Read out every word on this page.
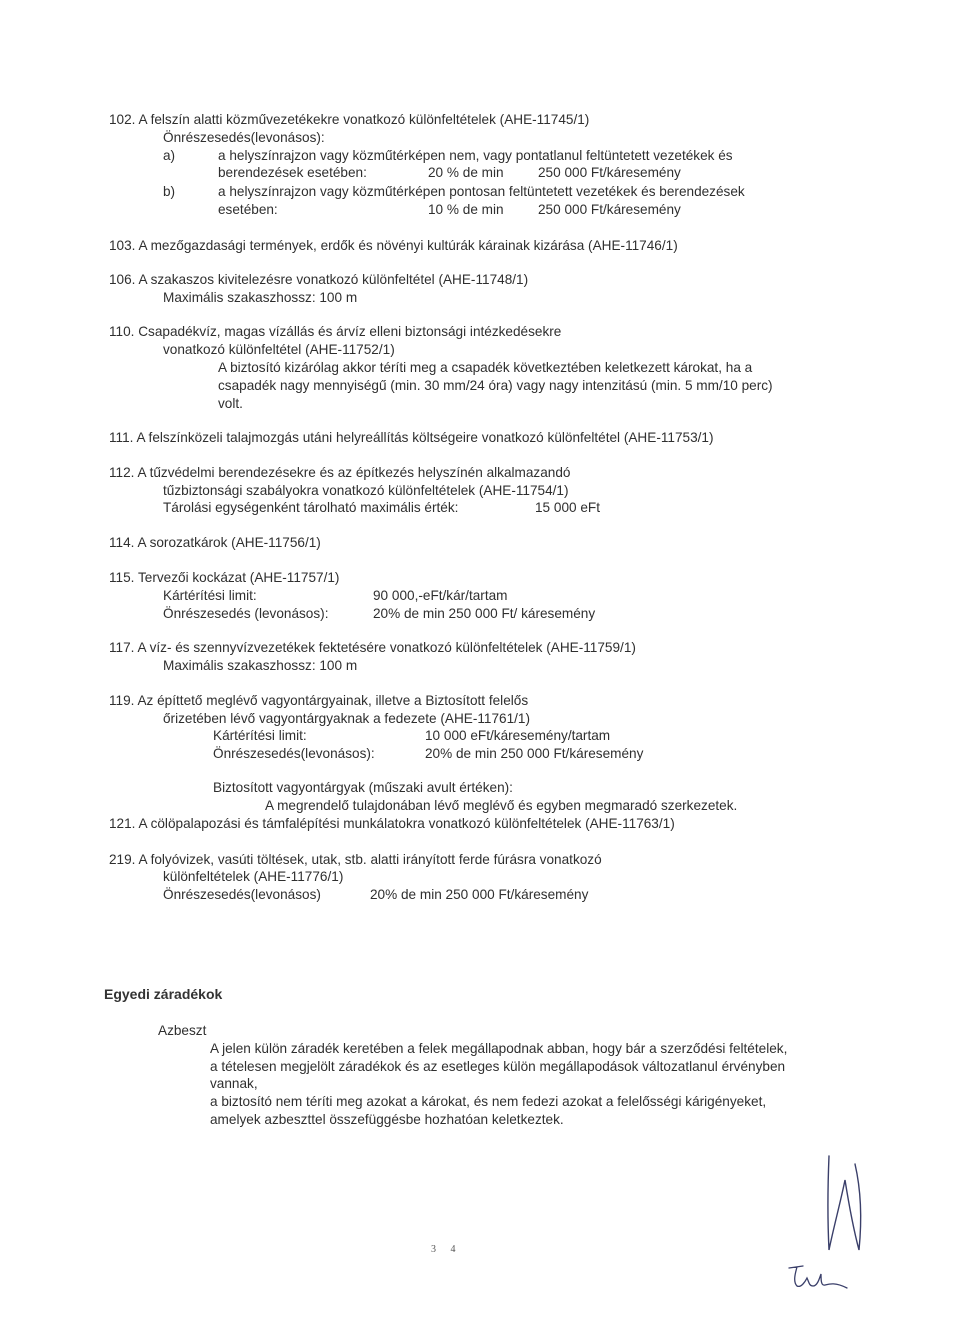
102. A felszín alatti közművezetékekre vonatkozó különfeltételek (AHE-11745/1)
Önrészesedés(levonásos):
a)	a helyszínrajzon vagy közműtérképen nem, vagy pontatlanul feltüntetett vezetékek és
berendezések esetében:	20 % de min	250 000 Ft/káresemény
b)	a helyszínrajzon vagy közműtérképen pontosan feltüntetett vezetékek és berendezések
esetében:	10 % de min	250 000 Ft/káresemény
103. A mezőgazdasági termények, erdők és növényi kultúrák kárainak kizárása (AHE-11746/1)
106. A szakaszos kivitelezésre vonatkozó különfeltétel (AHE-11748/1)
Maximális szakaszhossz: 100 m
110. Csapadékvíz, magas vízállás és árvíz elleni biztonsági intézkedésekre
vonatkozó különfeltétel (AHE-11752/1)
A biztosító kizárólag akkor téríti meg a csapadék következtében keletkezett károkat, ha a
csapadék nagy mennyiségű (min. 30 mm/24 óra) vagy nagy intenzitású (min. 5 mm/10 perc)
volt.
111. A felszínközeli talajmozgás utáni helyreállítás költségeire vonatkozó különfeltétel (AHE-11753/1)
112. A tűzvédelmi berendezésekre és az építkezés helyszínén alkalmazandó
tűzbiztonsági szabályokra vonatkozó különfeltételek (AHE-11754/1)
Tárolási egységenként tárolható maximális érték:	15 000 eFt
114. A sorozatkárok (AHE-11756/1)
115. Tervezői kockázat (AHE-11757/1)
Kártérítési limit:	90 000,-eFt/kár/tartam
Önrészesedés (levonásos):	20% de min 250 000 Ft/ káresemény
117. A víz- és szennyvízvezetékek fektetésére vonatkozó különfeltételek (AHE-11759/1)
Maximális szakaszhossz: 100 m
119. Az építtető meglévő vagyontárgyainak, illetve a Biztosított felelős
őrizetében lévő vagyontárgyaknak a fedezete (AHE-11761/1)
Kártérítési limit:	10 000 eFt/káresemény/tartam
Önrészesedés(levonásos):	20% de min 250 000 Ft/káresemény
Biztosított vagyontárgyak (műszaki avult értéken):
A megrendelő tulajdonában lévő meglévő és egyben megmaradó szerkezetek.
121. A cölöpalapozási és támfalépítési munkálatokra vonatkozó különfeltételek (AHE-11763/1)
219. A folyóvizek, vasúti töltések, utak, stb. alatti irányított ferde fúrásra vonatkozó
különfeltételek (AHE-11776/1)
Önrészesedés(levonásos)	20% de min 250 000 Ft/káresemény
Egyedi záradékok
Azbeszt
A jelen külön záradék keretében a felek megállapodnak abban, hogy bár a szerződési feltételek,
a tételesen megjelölt záradékok és az esetleges külön megállapodások változatlanul érvényben
vannak,
a biztosító nem téríti meg azokat a károkat, és nem fedezi azokat a felelősségi kárigényeket,
amelyek azbeszttel összefüggésbe hozhatóan keletkeztek.
3 4
